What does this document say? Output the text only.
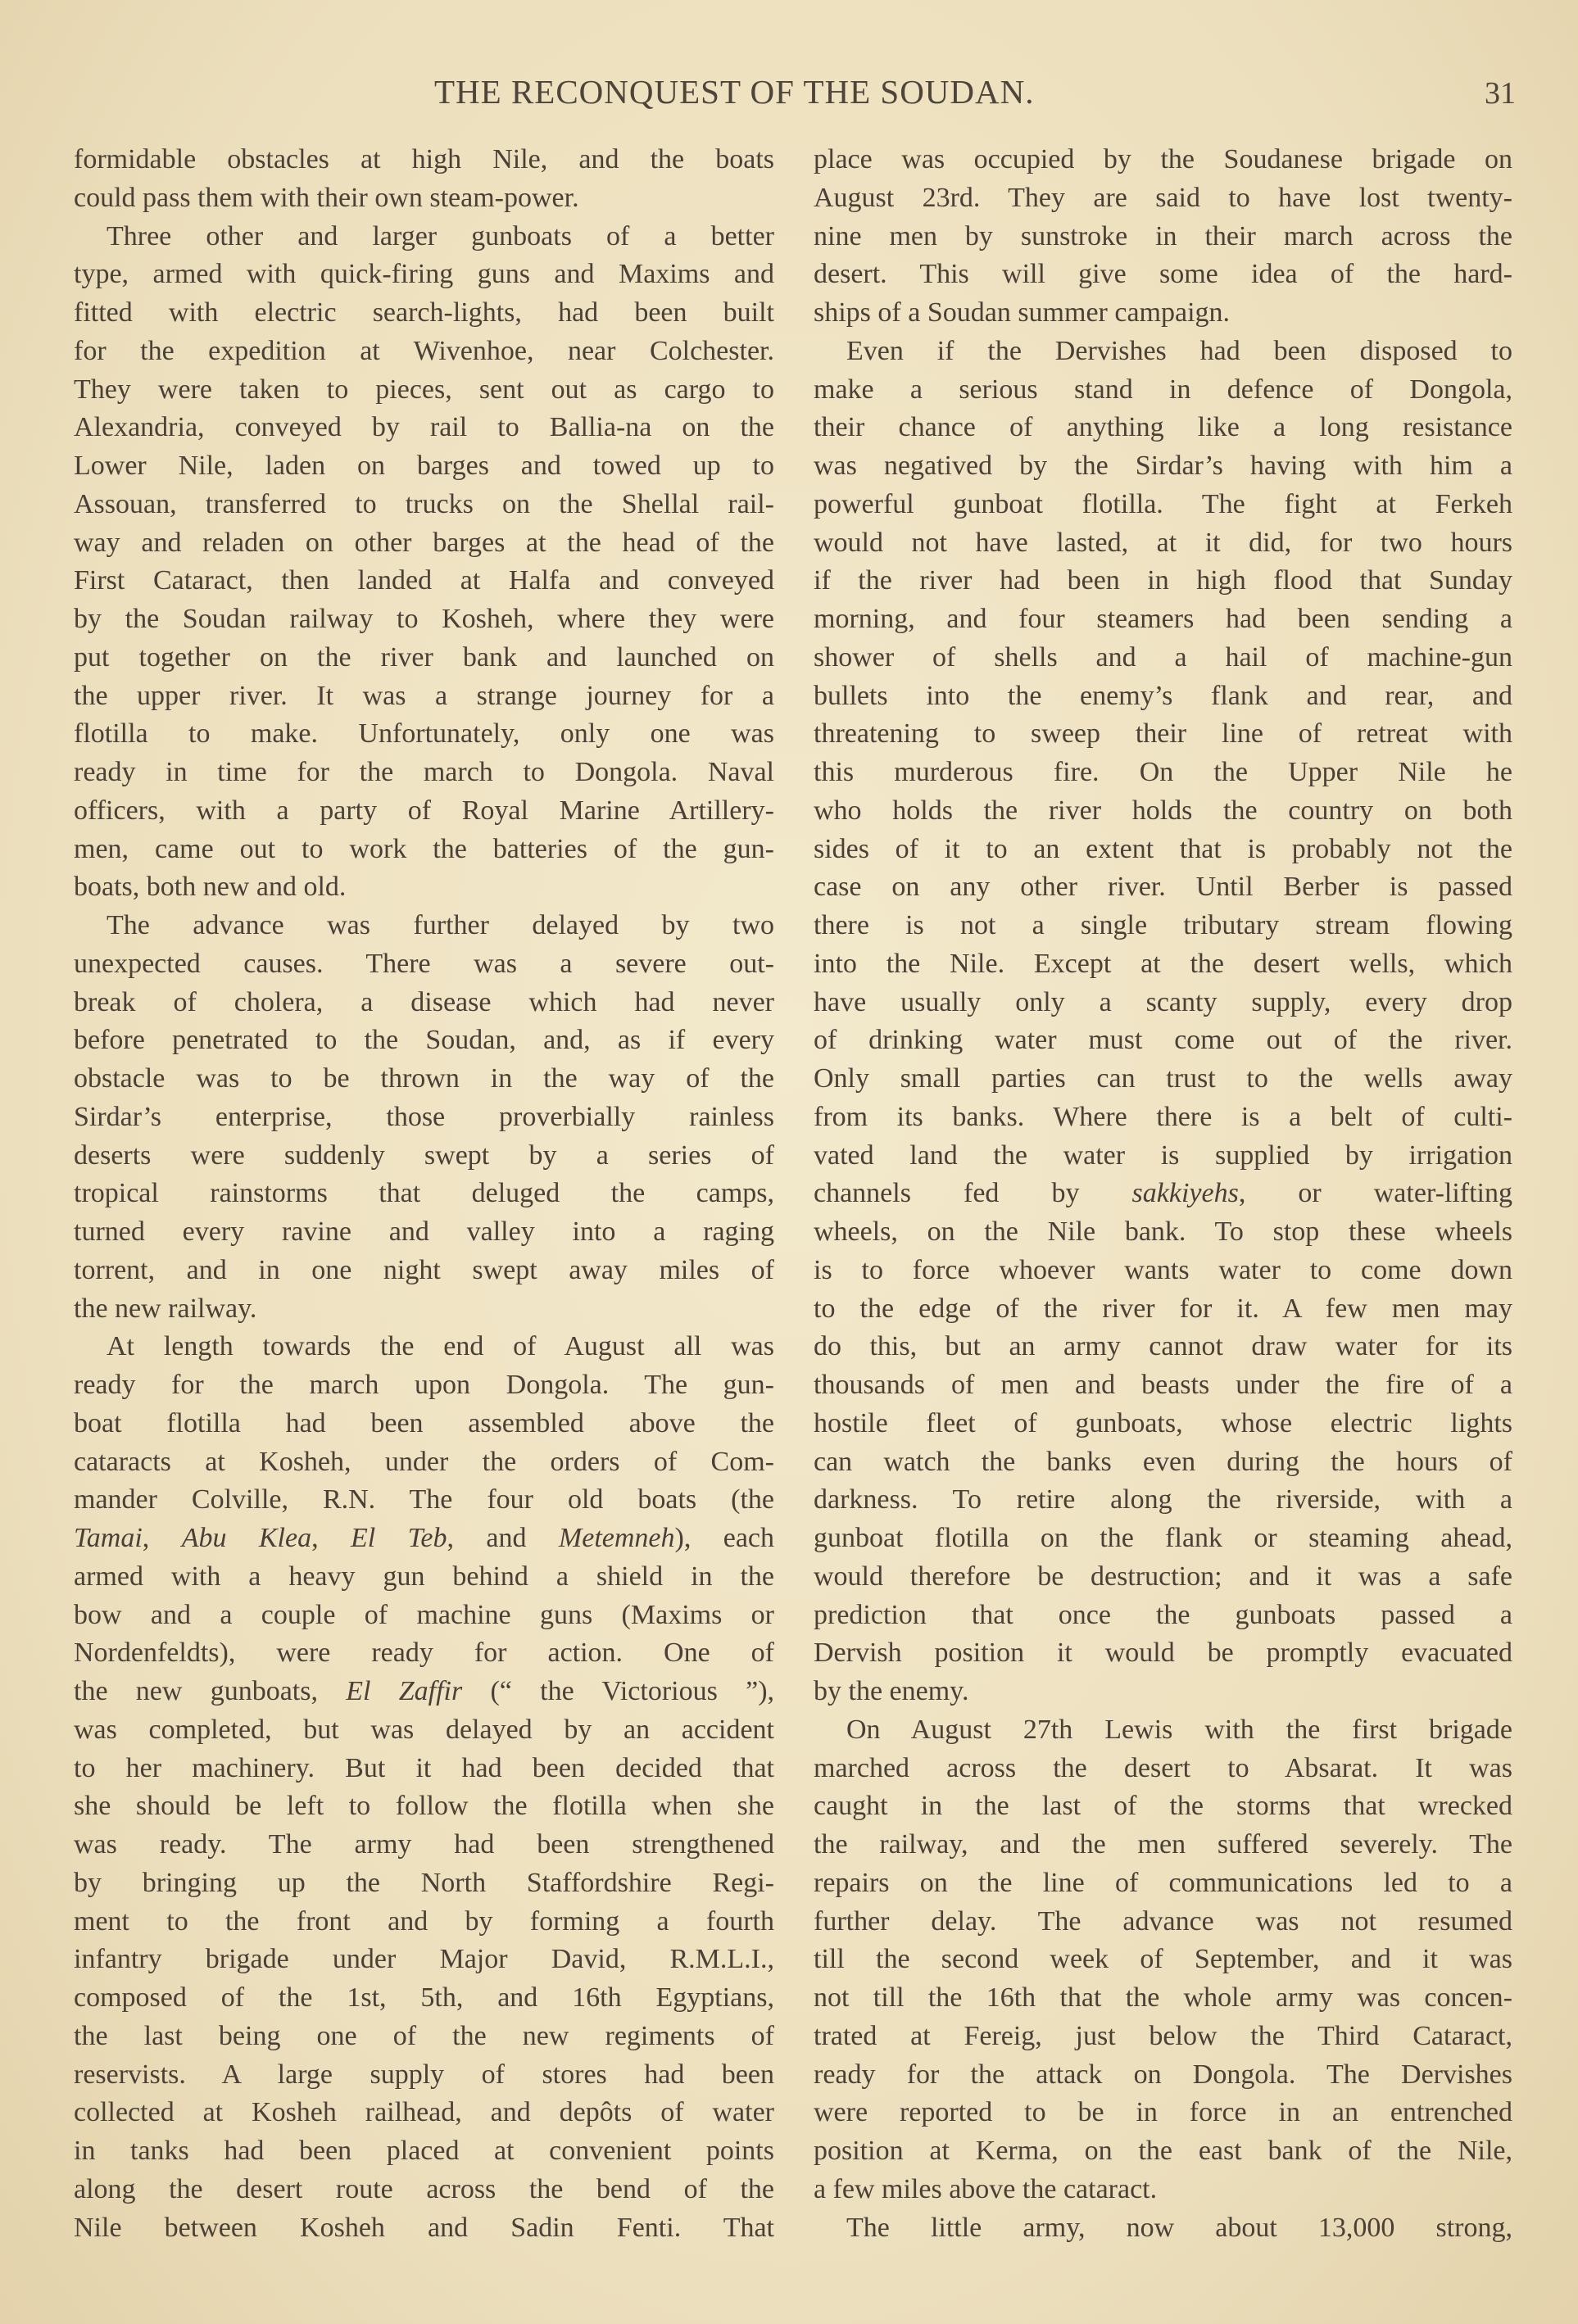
THE RECONQUEST OF THE SOUDAN.	31
formidable obstacles at high Nile, and the boats
could pass them with their own steam-power.
Three other and larger gunboats of a better
type, armed with quick-firing guns and Maxims and
fitted with electric search-lights, had been built
for the expedition at Wivenhoe, near Colchester.
They were taken to pieces, sent out as cargo to
Alexandria, conveyed by rail to Ballia-na on the
Lower Nile, laden on barges and towed up to
Assouan, transferred to trucks on the Shellal rail-
way and reladen on other barges at the head of the
First Cataract, then landed at Halfa and conveyed
by the Soudan railway to Kosheh, where they were
put together on the river bank and launched on
the upper river. It was a strange journey for a
flotilla to make. Unfortunately, only one was
ready in time for the march to Dongola. Naval
officers, with a party of Royal Marine Artillery-
men, came out to work the batteries of the gun-
boats, both new and old.
The advance was further delayed by two
unexpected causes. There was a severe out-
break of cholera, a disease which had never
before penetrated to the Soudan, and, as if every
obstacle was to be thrown in the way of the
Sirdar’s enterprise, those proverbially rainless
deserts were suddenly swept by a series of
tropical rainstorms that deluged the camps,
turned every ravine and valley into a raging
torrent, and in one night swept away miles of
the new railway.
At length towards the end of August all was
ready for the march upon Dongola. The gun-
boat flotilla had been assembled above the
cataracts at Kosheh, under the orders of Com-
mander Colville, R.N. The four old boats (the
Tamai, Abu Klea, El Teb, and Metemneh), each
armed with a heavy gun behind a shield in the
bow and a couple of machine guns (Maxims or
Nordenfeldts), were ready for action. One of
the new gunboats, El Zaffir (“ the Victorious ”),
was completed, but was delayed by an accident
to her machinery. But it had been decided that
she should be left to follow the flotilla when she
was ready. The army had been strengthened
by bringing up the North Staffordshire Regi-
ment to the front and by forming a fourth
infantry brigade under Major David, R.M.L.I.,
composed of the 1st, 5th, and 16th Egyptians,
the last being one of the new regiments of
reservists. A large supply of stores had been
collected at Kosheh railhead, and depôts of water
in tanks had been placed at convenient points
along the desert route across the bend of the
Nile between Kosheh and Sadin Fenti. That
place was occupied by the Soudanese brigade on
August 23rd. They are said to have lost twenty-
nine men by sunstroke in their march across the
desert. This will give some idea of the hard-
ships of a Soudan summer campaign.
Even if the Dervishes had been disposed to
make a serious stand in defence of Dongola,
their chance of anything like a long resistance
was negatived by the Sirdar’s having with him a
powerful gunboat flotilla. The fight at Ferkeh
would not have lasted, at it did, for two hours
if the river had been in high flood that Sunday
morning, and four steamers had been sending a
shower of shells and a hail of machine-gun
bullets into the enemy’s flank and rear, and
threatening to sweep their line of retreat with
this murderous fire. On the Upper Nile he
who holds the river holds the country on both
sides of it to an extent that is probably not the
case on any other river. Until Berber is passed
there is not a single tributary stream flowing
into the Nile. Except at the desert wells, which
have usually only a scanty supply, every drop
of drinking water must come out of the river.
Only small parties can trust to the wells away
from its banks. Where there is a belt of culti-
vated land the water is supplied by irrigation
channels fed by sakkiyehs, or water-lifting
wheels, on the Nile bank. To stop these wheels
is to force whoever wants water to come down
to the edge of the river for it. A few men may
do this, but an army cannot draw water for its
thousands of men and beasts under the fire of a
hostile fleet of gunboats, whose electric lights
can watch the banks even during the hours of
darkness. To retire along the riverside, with a
gunboat flotilla on the flank or steaming ahead,
would therefore be destruction; and it was a safe
prediction that once the gunboats passed a
Dervish position it would be promptly evacuated
by the enemy.
On August 27th Lewis with the first brigade
marched across the desert to Absarat. It was
caught in the last of the storms that wrecked
the railway, and the men suffered severely. The
repairs on the line of communications led to a
further delay. The advance was not resumed
till the second week of September, and it was
not till the 16th that the whole army was concen-
trated at Fereig, just below the Third Cataract,
ready for the attack on Dongola. The Dervishes
were reported to be in force in an entrenched
position at Kerma, on the east bank of the Nile,
a few miles above the cataract.
The little army, now about 13,000 strong,
